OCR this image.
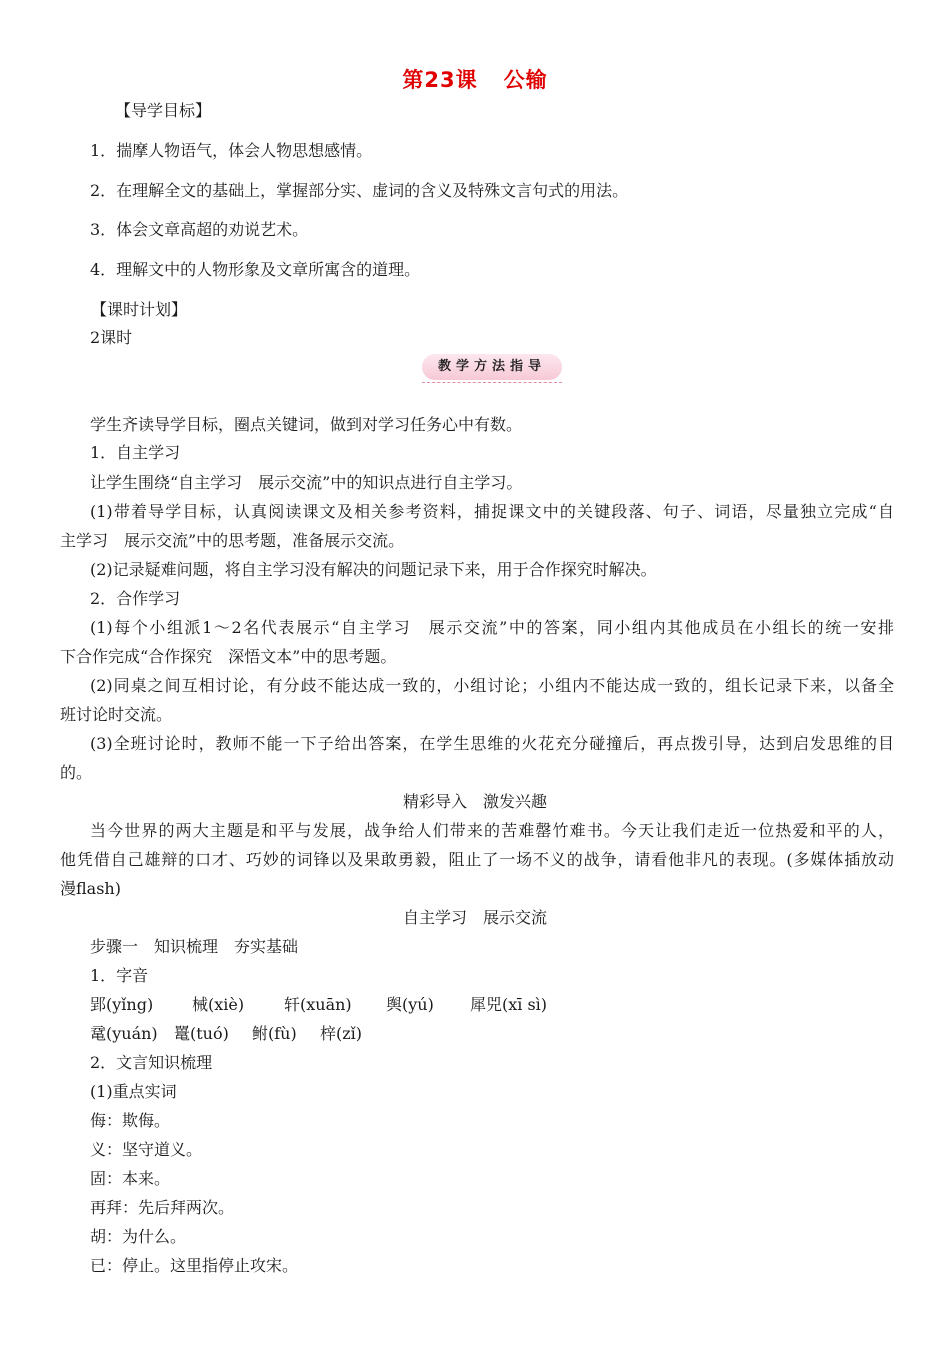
第23课 公输
【导学目标】
1．揣摩人物语气，体会人物思想感情。
2．在理解全文的基础上，掌握部分实、虚词的含义及特殊文言句式的用法。
3．体会文章高超的劝说艺术。
4．理解文中的人物形象及文章所寓含的道理。
【课时计划】
2课时
教学方法指导
学生齐读导学目标，圈点关键词，做到对学习任务心中有数。
1．自主学习
让学生围绕“自主学习　展示交流”中的知识点进行自主学习。
(1)带着导学目标，认真阅读课文及相关参考资料，捕捉课文中的关键段落、句子、词语，尽量独立完成“自
主学习　展示交流”中的思考题，准备展示交流。
(2)记录疑难问题，将自主学习没有解决的问题记录下来，用于合作探究时解决。
2．合作学习
(1)每个小组派1～2名代表展示“自主学习　展示交流”中的答案，同小组内其他成员在小组长的统一安排
下合作完成“合作探究　深悟文本”中的思考题。
(2)同桌之间互相讨论，有分歧不能达成一致的，小组讨论；小组内不能达成一致的，组长记录下来，以备全
班讨论时交流。
(3)全班讨论时，教师不能一下子给出答案，在学生思维的火花充分碰撞后，再点拨引导，达到启发思维的目
的。
精彩导入　激发兴趣
当今世界的两大主题是和平与发展，战争给人们带来的苦难罄竹难书。今天让我们走近一位热爱和平的人，
他凭借自己雄辩的口才、巧妙的词锋以及果敢勇毅，阻止了一场不义的战争，请看他非凡的表现。(多媒体插放动
漫flash)
自主学习　展示交流
步骤一　知识梳理　夯实基础
1．字音
郢(yǐng) 械(xiè) 轩(xuān) 舆(yú) 犀兕(xī sì)
鼋(yuán) 鼍(tuó) 鲋(fù) 梓(zǐ)
2．文言知识梳理
(1)重点实词
侮：欺侮。
义：坚守道义。
固：本来。
再拜：先后拜两次。
胡：为什么。
已：停止。这里指停止攻宋。
